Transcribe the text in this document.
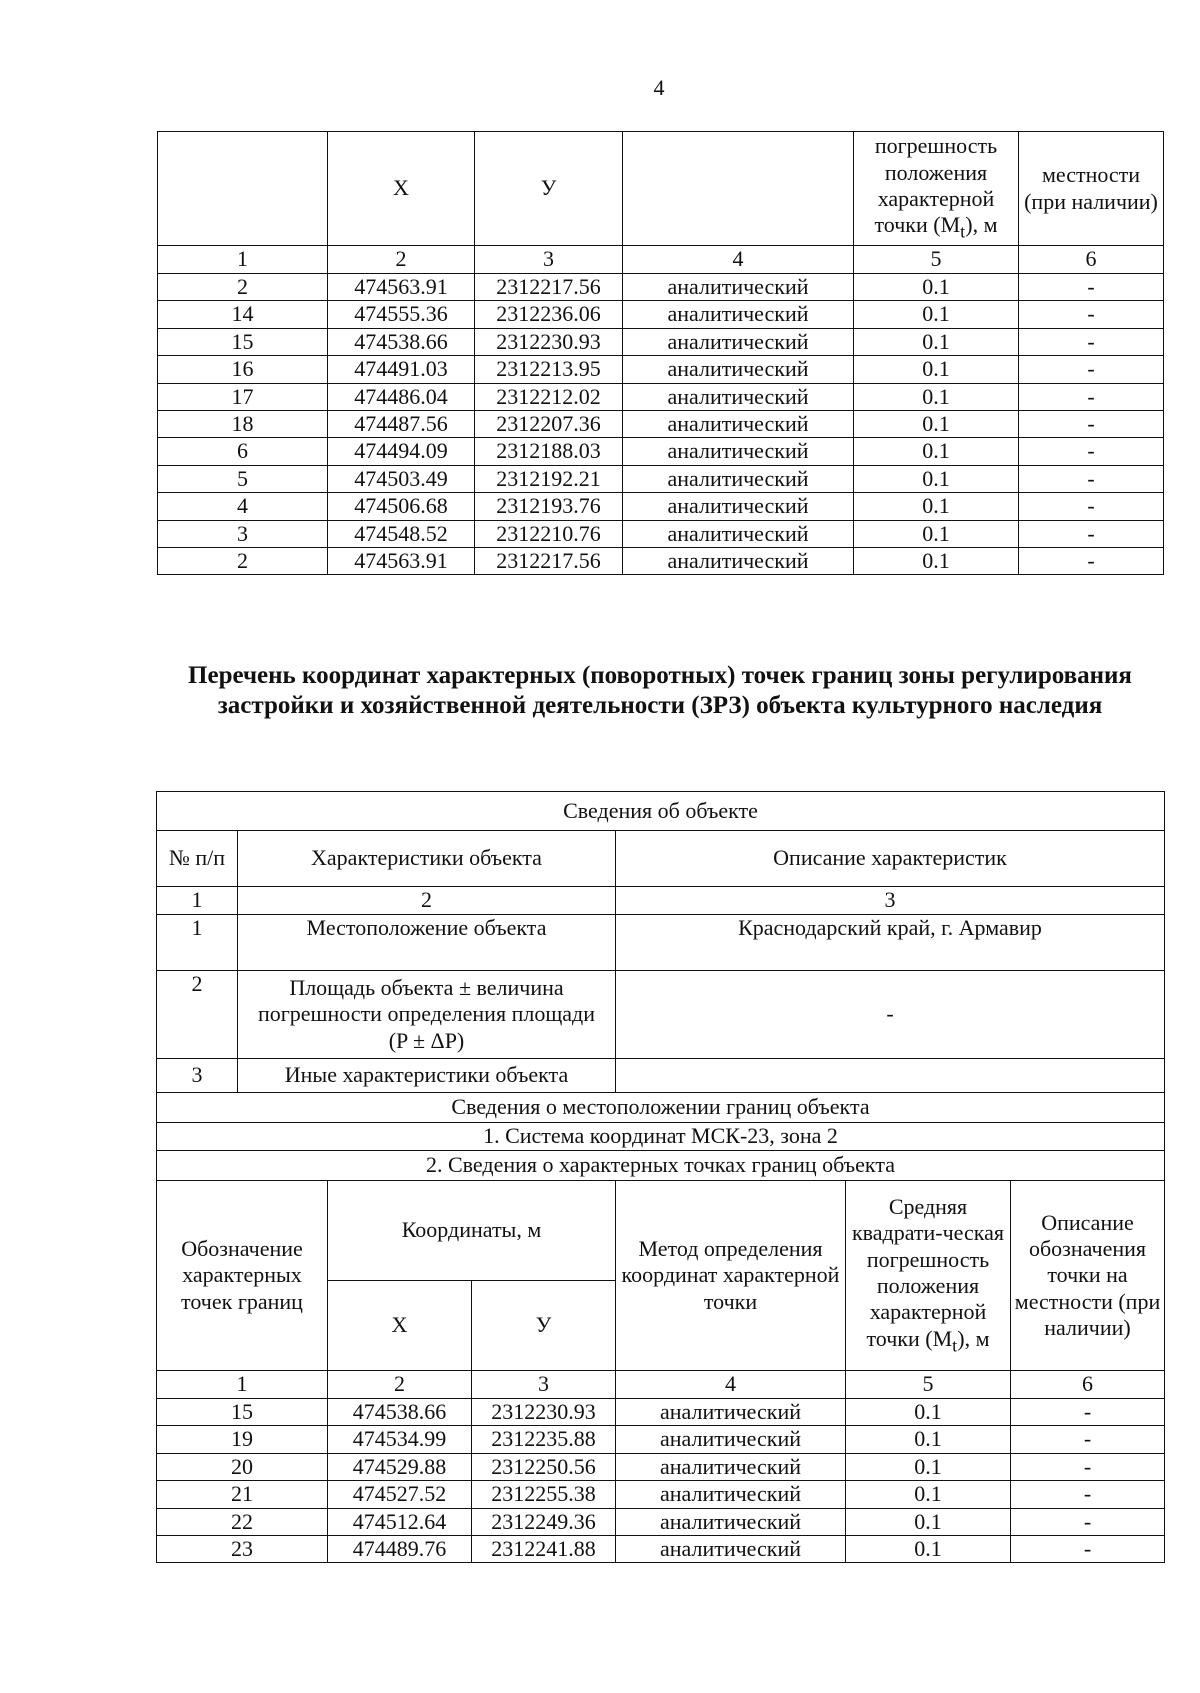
4
	Х	У		погрешность положения характерной точки $(M_t)$, м	местности (при наличии)
1	2	3	4	5	6
2	474563.91	2312217.56	аналитический	0.1	-
14	474555.36	2312236.06	аналитический	0.1	-
15	474538.66	2312230.93	аналитический	0.1	-
16	474491.03	2312213.95	аналитический	0.1	-
17	474486.04	2312212.02	аналитический	0.1	-
18	474487.56	2312207.36	аналитический	0.1	-
6	474494.09	2312188.03	аналитический	0.1	-
5	474503.49	2312192.21	аналитический	0.1	-
4	474506.68	2312193.76	аналитический	0.1	-
3	474548.52	2312210.76	аналитический	0.1	-
2	474563.91	2312217.56	аналитический	0.1	-
Перечень координат характерных (поворотных) точек границ зоны регулирования застройки и хозяйственной деятельности (ЗРЗ) объекта культурного наследия
Сведения об объекте						
№ п/п	Характеристики объекта			Описание характеристик		
1	2			3		
1	Местоположение объекта			Краснодарский край, г. Армавир		
2	Площадь объекта ± величина погрешности определения площади (P ± ΔP)			-		
3	Иные характеристики объекта					
Сведения о местоположении границ объекта						
1. Система координат МСК-23, зона 2						
2. Сведения о характерных точках границ объекта						
Обозначение характерных точек границ		Координаты, м		Метод определения координат характерной точки	Средняя квадрати-ческая погрешность положения характерной точки $(M_t)$, м	Описание обозначения точки на местности (при наличии)
		Х	У			
1		2	3	4	5	6
15		474538.66	2312230.93	аналитический	0.1	-
19		474534.99	2312235.88	аналитический	0.1	-
20		474529.88	2312250.56	аналитический	0.1	-
21		474527.52	2312255.38	аналитический	0.1	-
22		474512.64	2312249.36	аналитический	0.1	-
23		474489.76	2312241.88	аналитический	0.1	-
